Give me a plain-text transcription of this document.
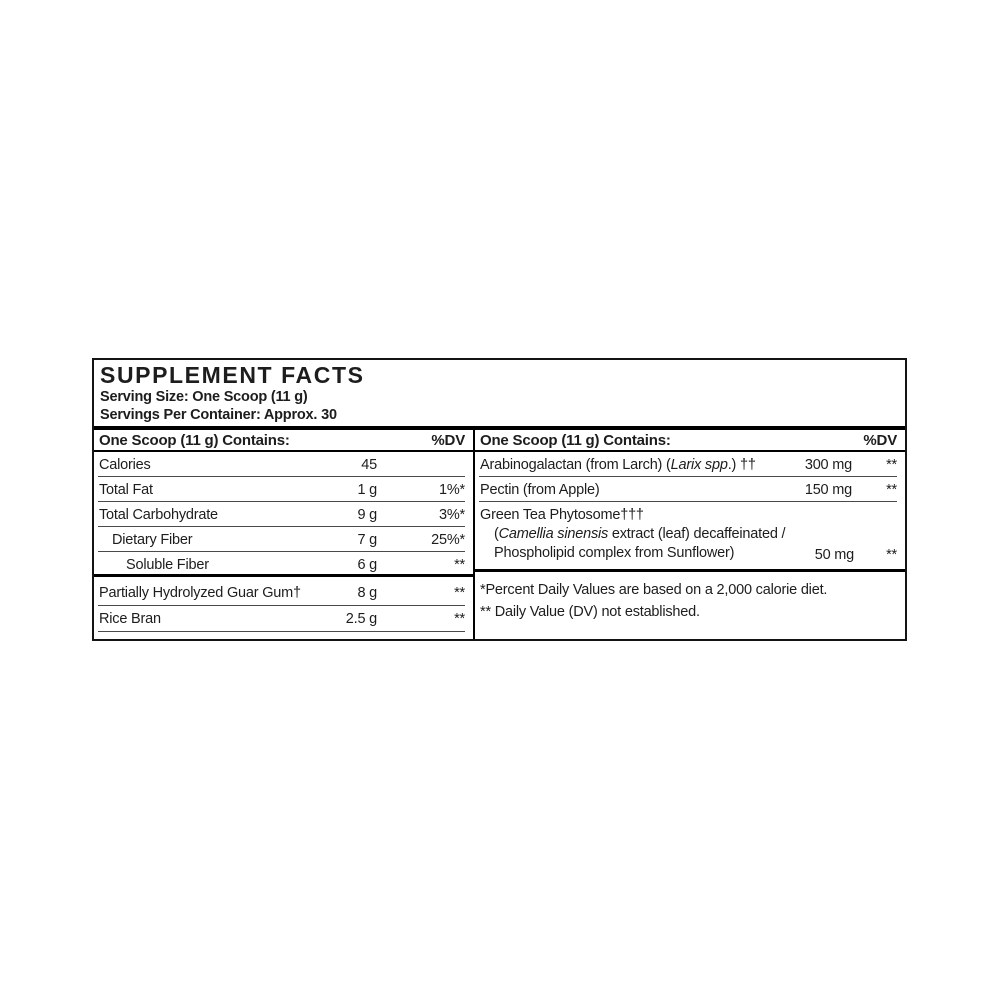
SUPPLEMENT FACTS
Serving Size: One Scoop (11 g)
Servings Per Container: Approx. 30
One Scoop (11 g) Contains:	%DV
Calories	45
Total Fat	1 g	1%*
Total Carbohydrate	9 g	3%*
Dietary Fiber	7 g	25%*
Soluble Fiber	6 g	**
Partially Hydrolyzed Guar Gum†	8 g	**
Rice Bran	2.5 g	**
One Scoop (11 g) Contains:	%DV
Arabinogalactan (from Larch) (Larix spp.) ††	300 mg	**
Pectin (from Apple)	150 mg	**
Green Tea Phytosome†††
(Camellia sinensis extract (leaf) decaffeinated /
Phospholipid complex from Sunflower)	50 mg	**
*Percent Daily Values are based on a 2,000 calorie diet.
** Daily Value (DV) not established.
